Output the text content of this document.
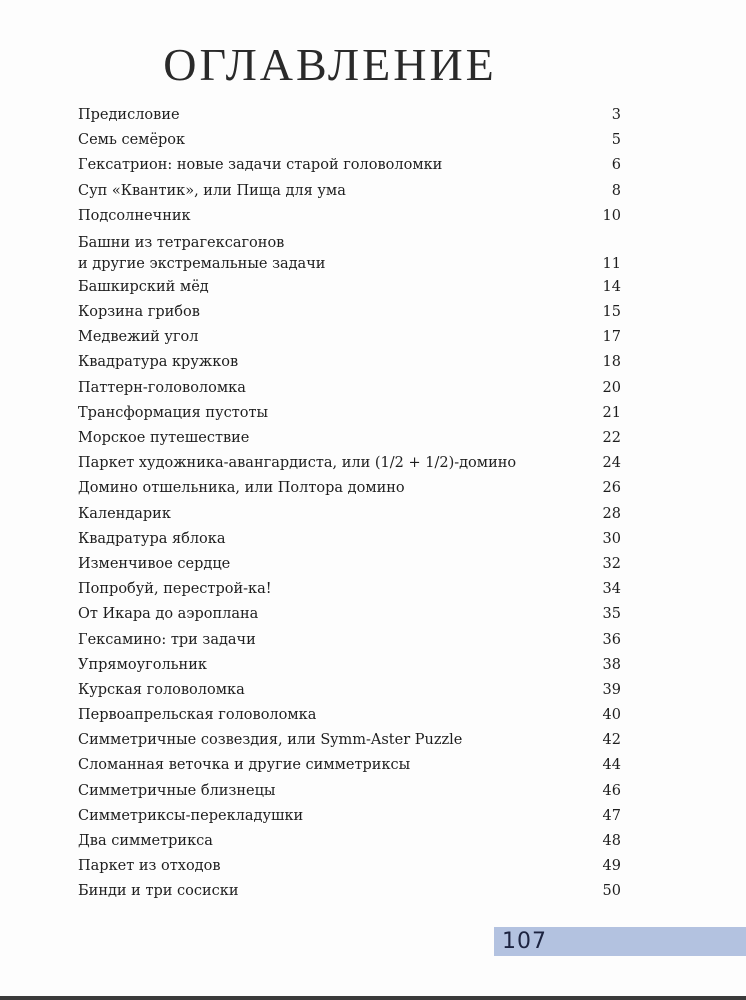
ОГЛАВЛЕНИЕ
Предисловие	3
Семь семёрок	5
Гексатрион: новые задачи старой головоломки	6
Суп «Квантик», или Пища для ума	8
Подсолнечник	10
Башни из тетрагексагонов
и другие экстремальные задачи	11
Башкирский мёд	14
Корзина грибов	15
Медвежий угол	17
Квадратура кружков	18
Паттерн-головоломка	20
Трансформация пустоты	21
Морское путешествие	22
Паркет художника-авангардиста, или (1/2 + 1/2)-домино	24
Домино отшельника, или Полтора домино	26
Календарик	28
Квадратура яблока	30
Изменчивое сердце	32
Попробуй, перестрой-ка!	34
От Икара до аэроплана	35
Гексамино: три задачи	36
Упрямоугольник	38
Курская головоломка	39
Первоапрельская головоломка	40
Симметричные созвездия, или Symm-Aster Puzzle	42
Сломанная веточка и другие симметриксы	44
Симметричные близнецы	46
Симметриксы-перекладушки	47
Два симметрикса	48
Паркет из отходов	49
Бинди и три сосиски	50
107
